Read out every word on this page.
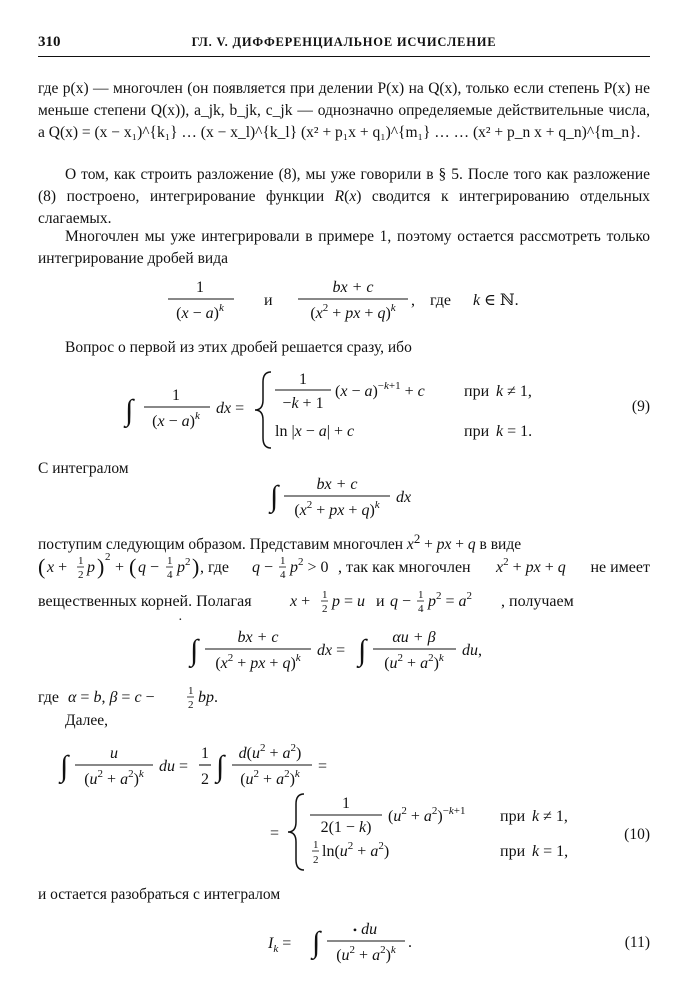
310	ГЛ. V. ДИФФЕРЕНЦИАЛЬНОЕ ИСЧИСЛЕНИЕ
где p(x) — многочлен (он появляется при делении P(x) на Q(x), только если степень P(x) не меньше степени Q(x)), a_jk, b_jk, c_jk — однозначно определяемые действительные числа, а Q(x) = (x − x₁)^{k₁} … (x − x_l)^{k_l} (x² + p₁x + q₁)^{m₁} … … (x² + p_n x + q_n)^{m_n}.
О том, как строить разложение (8), мы уже говорили в § 5. После того как разложение (8) построено, интегрирование функции R(x) сводится к интегрированию отдельных слагаемых.
Многочлен мы уже интегрировали в примере 1, поэтому остается рассмотреть только интегрирование дробей вида
1
$(x - a)^k$	и
bx + c
($x^2$ + px + q)$^k$ , где k ∈ ℕ.
Вопрос о первой из этих дробей решается сразу, ибо
∫ 1
$(x - a)^k$ dx =
1
−k + 1
(x − a)−k+1 + c при k ≠ 1,
ln |x − a| + c	при k = 1.
(9)
С интегралом
∫ bx + c
($x^2$ + px + q)$^k$ dx
поступим следующим образом. Представим многочлен $x^2$ + px + q в виде
( x + 1
2 p ) 2
+ ( q − 1
4 $p^2$ ) , где q − 1
4 $p^2 > 0$ , так как многочлен $x^2$ + px + q не имеет
вещественных корней. Полагая x + 1
2 p = u и q − 1
4 $p^2 = a^2$ , получаем
·
∫ bx + c
($x^2$ + px + q)$^k$ dx = ∫ αu + β
$(u^2 + a^2)^k$ du,
где α = b, β = c −	1
2 bp.
Далее,
∫	u
$(u^2 + a^2)^k$ du =
1
2 ∫ $d(u^2 + a^2)$
$(u^2 + a^2)^k$ =
=
1
2(1 − k)
$(u^2 + a^2)^-k+1$ при k ≠ 1,
1
2 $\ln(u^2 + a^2)$	при k = 1,
(10)
и остается разобраться с интегралом
$I_k$ = ∫	• du
$(u^2 + a^2)^k$ .	(11)
